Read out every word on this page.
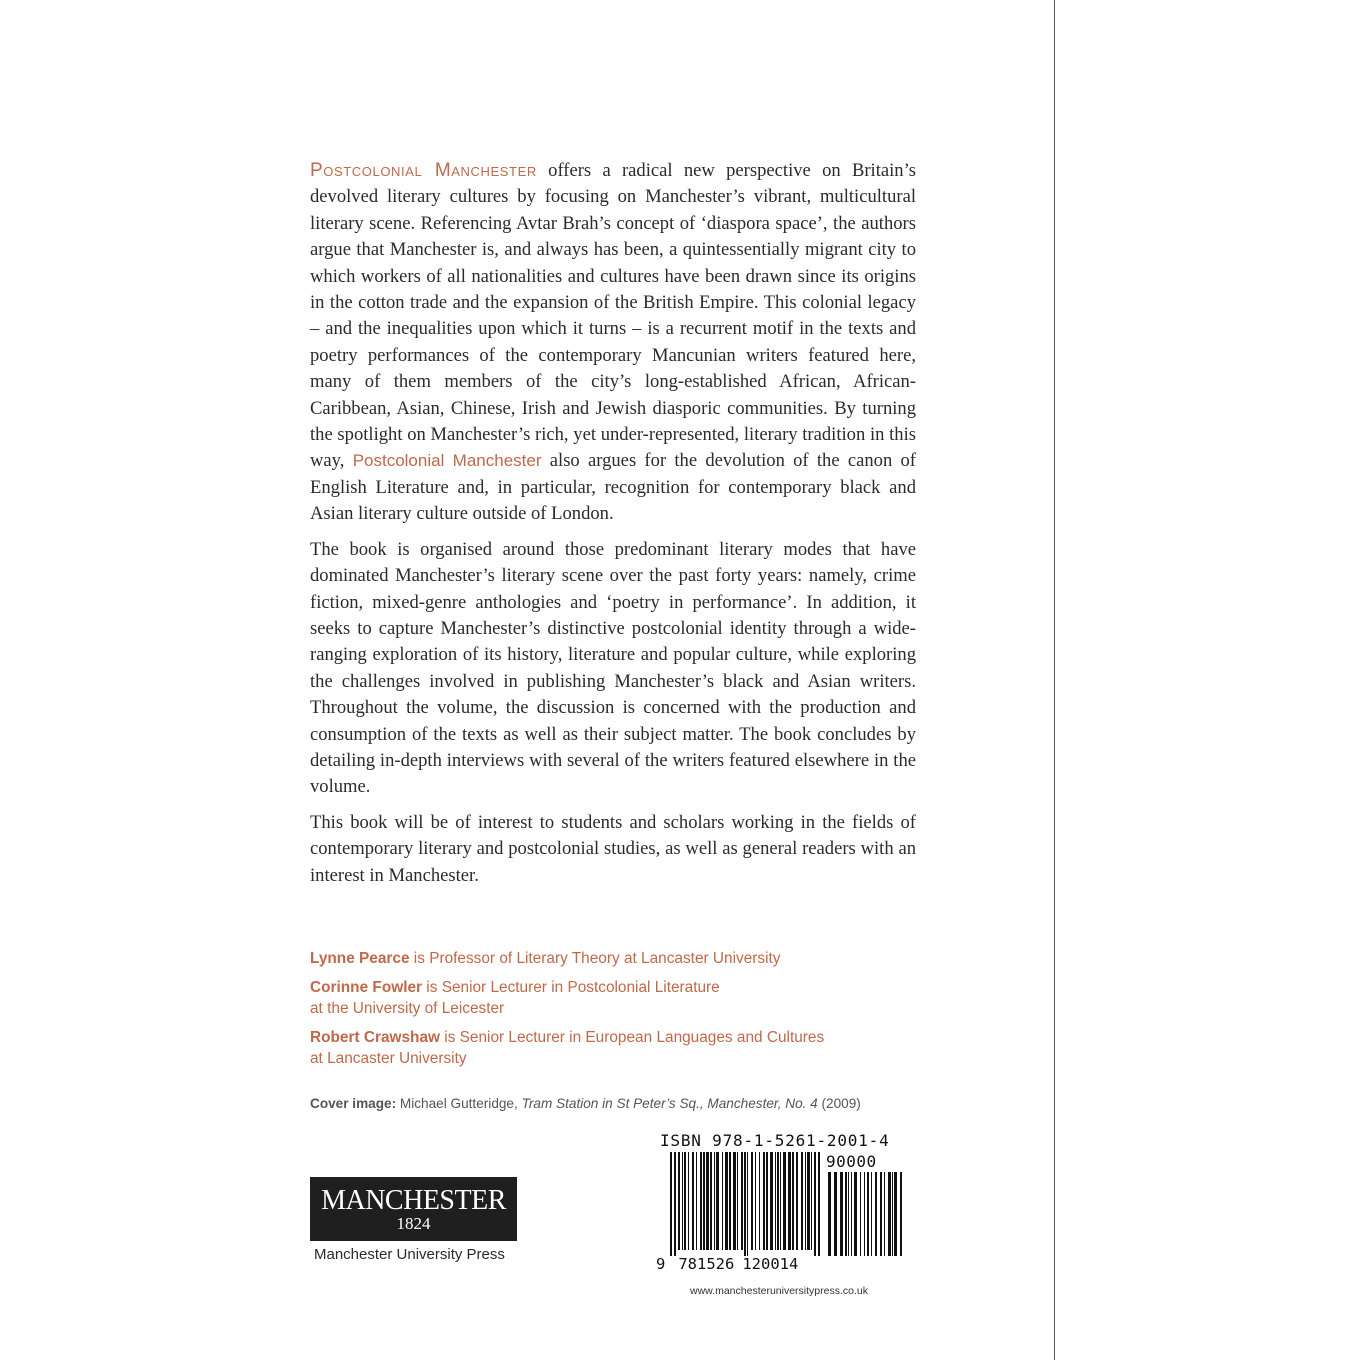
Postcolonial Manchester offers a radical new perspective on Britain’s devolved literary cultures by focusing on Manchester’s vibrant, multicultural literary scene. Referencing Avtar Brah’s concept of ‘diaspora space’, the authors argue that Manchester is, and always has been, a quintessentially migrant city to which workers of all nationalities and cultures have been drawn since its origins in the cotton trade and the expansion of the British Empire. This colonial legacy – and the inequalities upon which it turns – is a recurrent motif in the texts and poetry performances of the contemporary Mancunian writers featured here, many of them members of the city’s long-established African, African-Caribbean, Asian, Chinese, Irish and Jewish diasporic communities. By turning the spotlight on Manchester’s rich, yet under-represented, literary tradition in this way, Postcolonial Manchester also argues for the devolution of the canon of English Literature and, in particular, recognition for contemporary black and Asian literary culture outside of London.

The book is organised around those predominant literary modes that have dominated Manchester’s literary scene over the past forty years: namely, crime fiction, mixed-genre anthologies and ‘poetry in performance’. In addition, it seeks to capture Manchester’s distinctive postcolonial identity through a wide-ranging exploration of its history, literature and popular culture, while exploring the challenges involved in publishing Manchester’s black and Asian writers. Throughout the volume, the discussion is concerned with the production and consumption of the texts as well as their subject matter. The book concludes by detailing in-depth interviews with several of the writers featured elsewhere in the volume.

This book will be of interest to students and scholars working in the fields of contemporary literary and postcolonial studies, as well as general readers with an interest in Manchester.

Lynne Pearce is Professor of Literary Theory at Lancaster University
Corinne Fowler is Senior Lecturer in Postcolonial Literature
at the University of Leicester
Robert Crawshaw is Senior Lecturer in European Languages and Cultures
at Lancaster University
Cover image: Michael Gutteridge, Tram Station in St Peter’s Sq., Manchester, No. 4 (2009)
MANCHESTER
1824
Manchester University Press
ISBN 978-1-5261-2001-4
90000
9 781526 120014
www.manchesteruniversitypress.co.uk
